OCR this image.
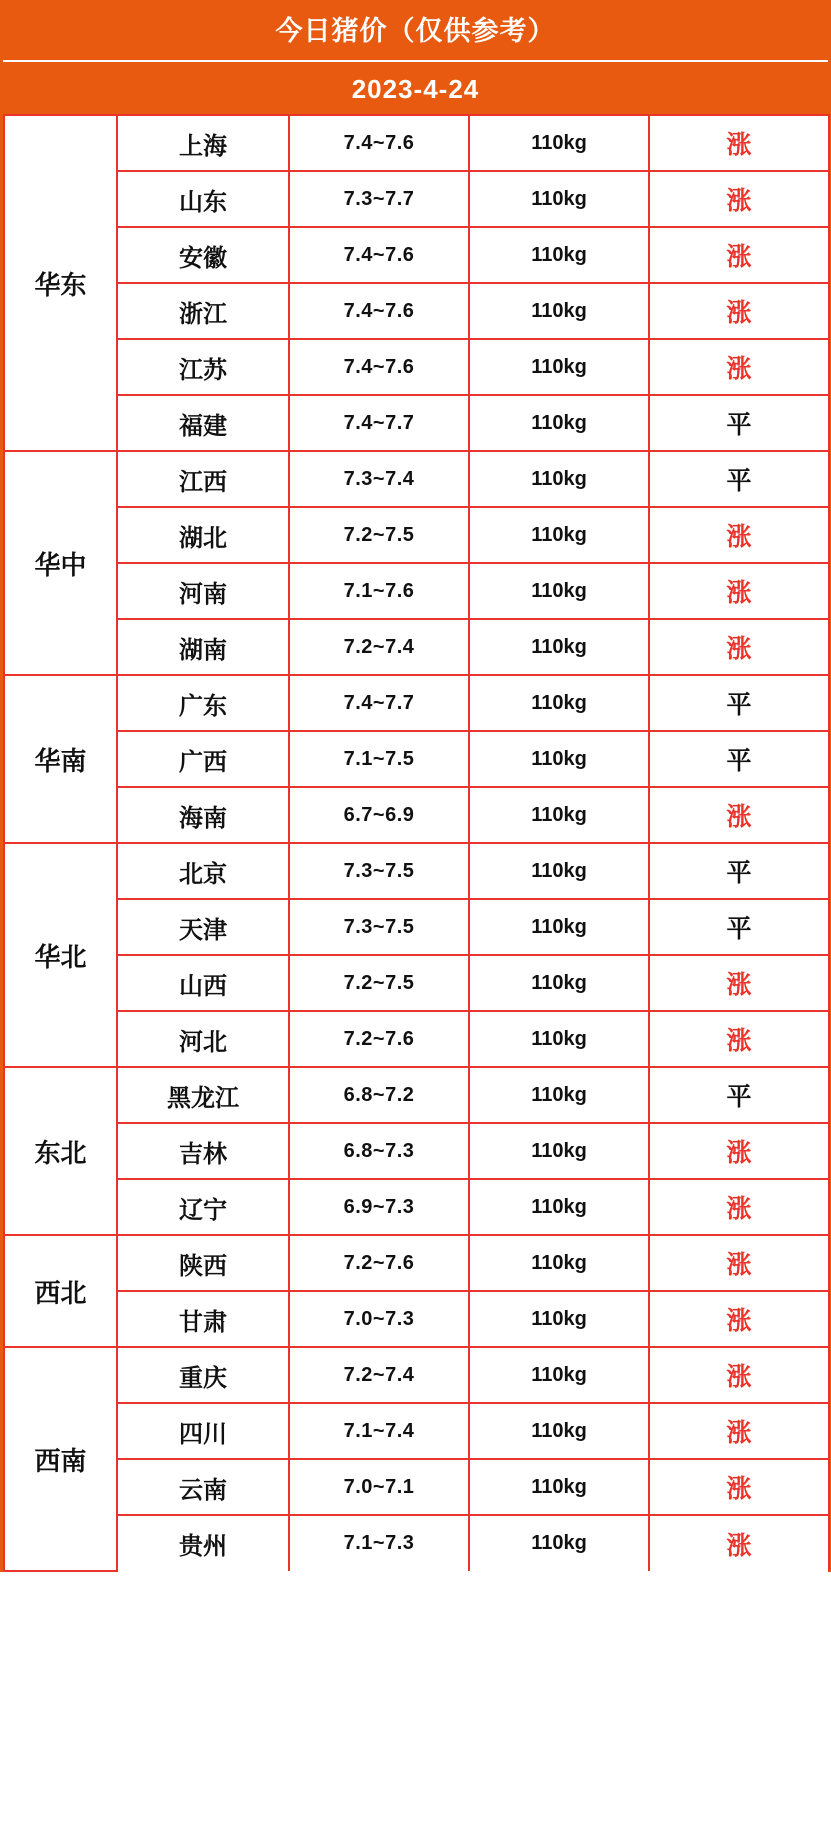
今日猪价（仅供参考）
2023-4-24
华东	上海	7.4~7.6	110kg	涨
	山东	7.3~7.7	110kg	涨
	安徽	7.4~7.6	110kg	涨
	浙江	7.4~7.6	110kg	涨
	江苏	7.4~7.6	110kg	涨
	福建	7.4~7.7	110kg	平
华中	江西	7.3~7.4	110kg	平
	湖北	7.2~7.5	110kg	涨
	河南	7.1~7.6	110kg	涨
	湖南	7.2~7.4	110kg	涨
华南	广东	7.4~7.7	110kg	平
	广西	7.1~7.5	110kg	平
	海南	6.7~6.9	110kg	涨
华北	北京	7.3~7.5	110kg	平
	天津	7.3~7.5	110kg	平
	山西	7.2~7.5	110kg	涨
	河北	7.2~7.6	110kg	涨
东北	黑龙江	6.8~7.2	110kg	平
	吉林	6.8~7.3	110kg	涨
	辽宁	6.9~7.3	110kg	涨
西北	陕西	7.2~7.6	110kg	涨
	甘肃	7.0~7.3	110kg	涨
西南	重庆	7.2~7.4	110kg	涨
	四川	7.1~7.4	110kg	涨
	云南	7.0~7.1	110kg	涨
	贵州	7.1~7.3	110kg	涨
